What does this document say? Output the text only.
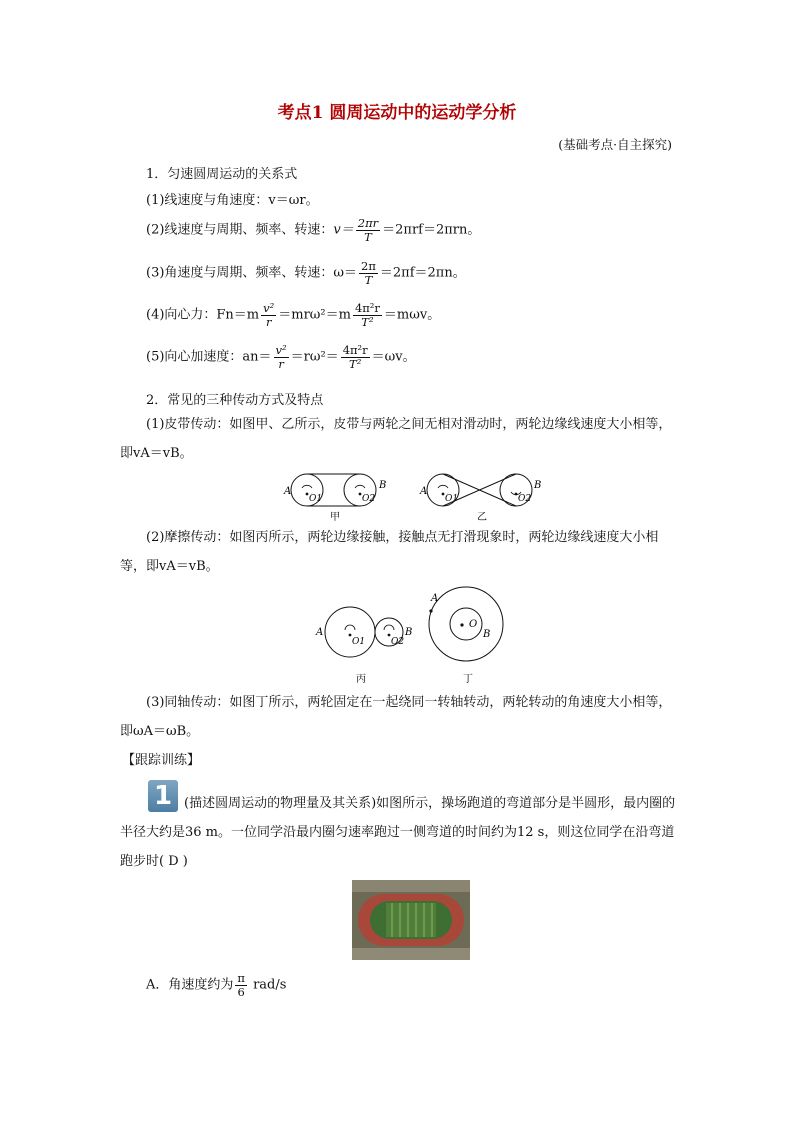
考点1 圆周运动中的运动学分析
(基础考点·自主探究)
1．匀速圆周运动的关系式
(1)线速度与角速度：v＝ωr。
(2)线速度与周期、频率、转速：$v= \frac{2\pi r}{T} =2\pi rf=2\pi rn$。
(3)角速度与周期、频率、转速：$\omega= \frac{2\pi}{T} =2\pi f=2\pi n$。
(4)向心力：$Fn=m \frac{\text{v²}}{r} =mr\omega^2=m \frac{\text{4π²r}}{\text{T²}} =m\omega v$。
(5)向心加速度：$an= \frac{\text{v²}}{r} =r\omega^2= \frac{\text{4π²r}}{\text{T²}} =\omega v$。
2．常见的三种传动方式及特点
(1)皮带传动：如图甲、乙所示，皮带与两轮之间无相对滑动时，两轮边缘线速度大小相等，即vA＝vB。
A
B
O1	O2
甲
A
B
O1	O2
乙
(2)摩擦传动：如图丙所示，两轮边缘接触，接触点无打滑现象时，两轮边缘线速度大小相等，即vA＝vB。
A	B
O1	O2
丙
A
O
B
丁
(3)同轴传动：如图丁所示，两轮固定在一起绕同一转轴转动，两轮转动的角速度大小相等，即ωA＝ωB。
【跟踪训练】
1 (描述圆周运动的物理量及其关系)如图所示，操场跑道的弯道部分是半圆形，最内圈的半径大约是36 m。一位同学沿最内圈匀速率跑过一侧弯道的时间约为12 s，则这位同学在沿弯道跑步时( D )
A．角速度约为 $\frac{\pi}{6} rad/s$
